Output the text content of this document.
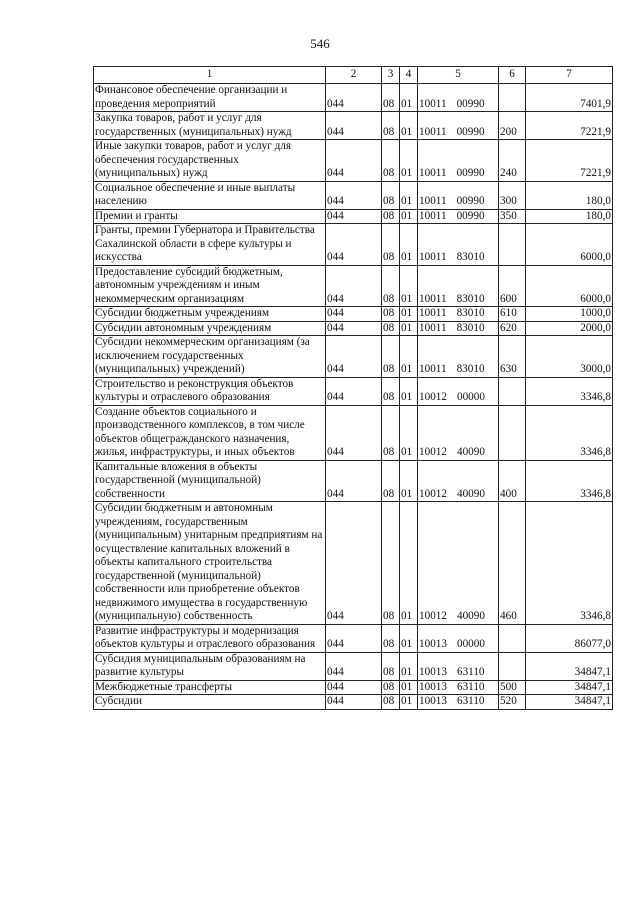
546
1	2	3	4	5	6	7
Финансовое обеспечение организации и проведения мероприятий	044	08	01	10011 00990		7401,9
Закупка товаров, работ и услуг для государственных (муниципальных) нужд	044	08	01	10011 00990	200	7221,9
Иные закупки товаров, работ и услуг для обеспечения государственных (муниципальных) нужд	044	08	01	10011 00990	240	7221,9
Социальное обеспечение и иные выплаты населению	044	08	01	10011 00990	300	180,0
Премии и гранты	044	08	01	10011 00990	350	180,0
Гранты, премии Губернатора и Правительства Сахалинской области в сфере культуры и искусства	044	08	01	10011 83010		6000,0
Предоставление субсидий бюджетным, автономным учреждениям и иным некоммерческим организациям	044	08	01	10011 83010	600	6000,0
Субсидии бюджетным учреждениям	044	08	01	10011 83010	610	1000,0
Субсидии автономным учреждениям	044	08	01	10011 83010	620	2000,0
Субсидии некоммерческим организациям (за исключением государственных (муниципальных) учреждений)	044	08	01	10011 83010	630	3000,0
Строительство и реконструкция объектов культуры и отраслевого образования	044	08	01	10012 00000		3346,8
Создание объектов социального и производственного комплексов, в том числе объектов общегражданского назначения, жилья, инфраструктуры, и иных объектов	044	08	01	10012 40090		3346,8
Капитальные вложения в объекты государственной (муниципальной) собственности	044	08	01	10012 40090	400	3346,8
Субсидии бюджетным и автономным учреждениям, государственным (муниципальным) унитарным предприятиям на осуществление капитальных вложений в объекты капитального строительства государственной (муниципальной) собственности или приобретение объектов недвижимого имущества в государственную (муниципальную) собственность	044	08	01	10012 40090	460	3346,8
Развитие инфраструктуры и модернизация объектов культуры и отраслевого образования	044	08	01	10013 00000		86077,0
Субсидия муниципальным образованиям на развитие культуры	044	08	01	10013 63110		34847,1
Межбюджетные трансферты	044	08	01	10013 63110	500	34847,1
Субсидии	044	08	01	10013 63110	520	34847,1
